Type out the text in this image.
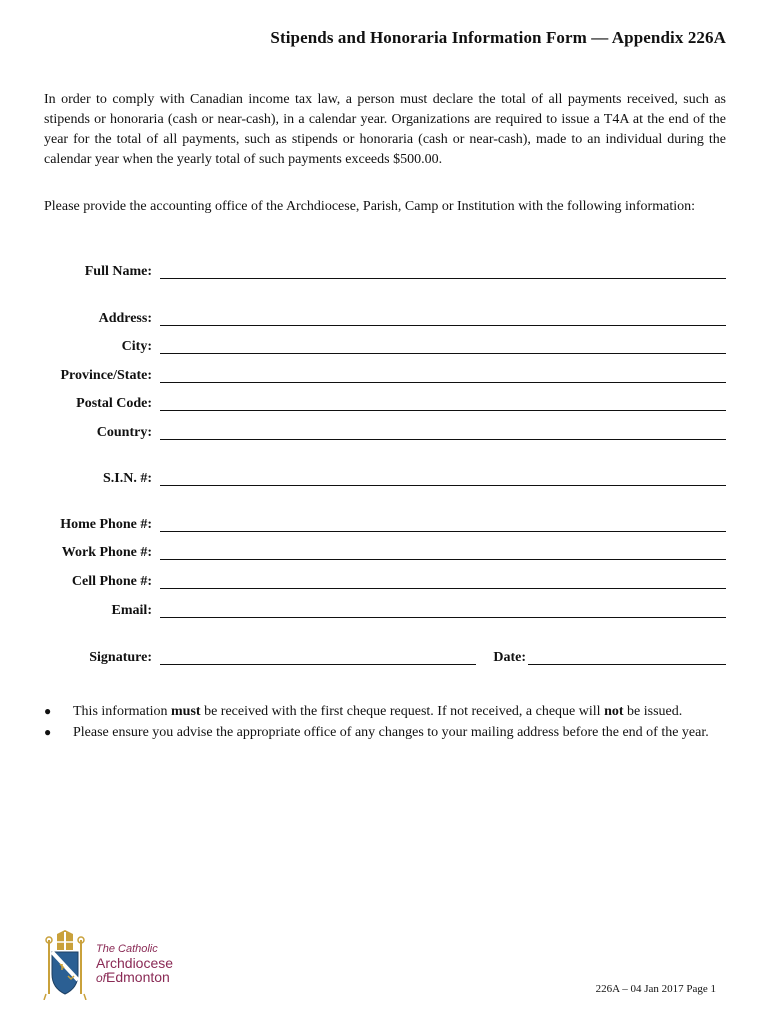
Stipends and Honoraria Information Form — Appendix 226A
In order to comply with Canadian income tax law, a person must declare the total of all payments received, such as stipends or honoraria (cash or near-cash), in a calendar year. Organizations are required to issue a T4A at the end of the year for the total of all payments, such as stipends or honoraria (cash or near-cash), made to an individual during the calendar year when the yearly total of such payments exceeds $500.00.
Please provide the accounting office of the Archdiocese, Parish, Camp or Institution with the following information:
Full Name:
Address:
City:
Province/State:
Postal Code:
Country:
S.I.N. #:
Home Phone #:
Work Phone #:
Cell Phone #:
Email:
Signature:	Date:
● This information must be received with the first cheque request. If not received, a cheque will not be issued.
● Please ensure you advise the appropriate office of any changes to your mailing address before the end of the year.
The Catholic
Archdiocese
ofEdmonton
226A – 04 Jan 2017 Page 1
